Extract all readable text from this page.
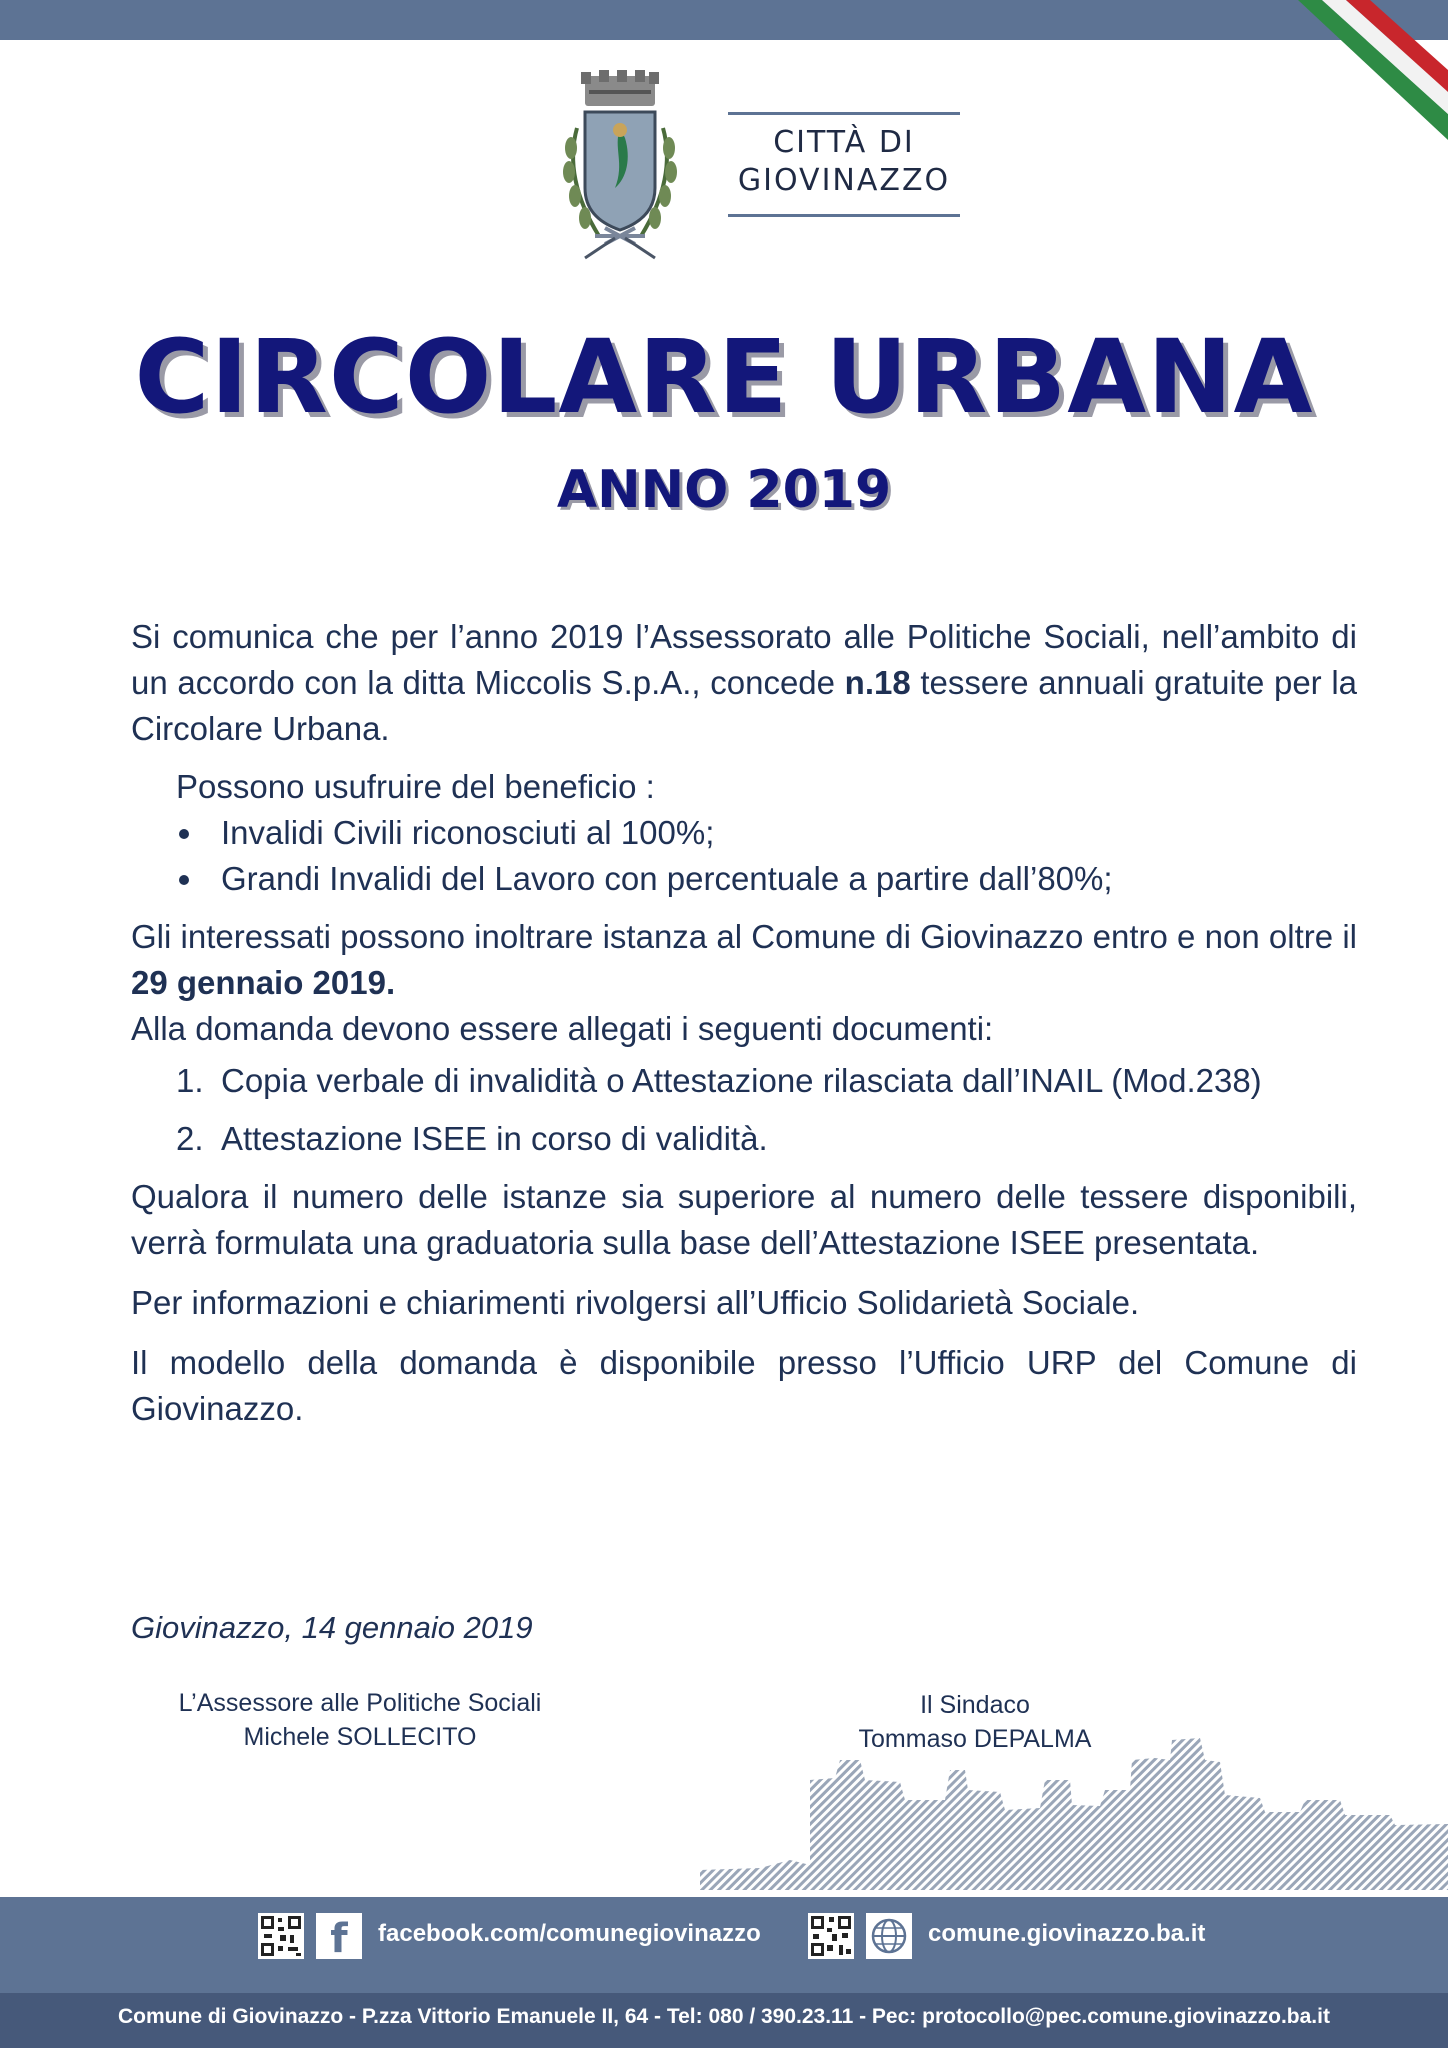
CITTÀ DI
GIOVINAZZO
CIRCOLARE URBANA
ANNO 2019

Si comunica che per l’anno 2019 l’Assessorato alle Politiche Sociali, nell’ambito di un accordo con la ditta Miccolis S.p.A., concede n.18 tessere annuali gratuite per la Circolare Urbana.

Possono usufruire del beneficio :

Invalidi Civili riconosciuti al 100%;
Grandi Invalidi del Lavoro con percentuale a partire dall’80%;

Gli interessati possono inoltrare istanza al Comune di Giovinazzo entro e non oltre il 29 gennaio 2019.

Alla domanda devono essere allegati i seguenti documenti:

1. Copia verbale di invalidità o Attestazione rilasciata dall’INAIL (Mod.238)
2. Attestazione ISEE in corso di validità.

Qualora il numero delle istanze sia superiore al numero delle tessere disponibili, verrà formulata una graduatoria sulla base dell’Attestazione ISEE presentata.

Per informazioni e chiarimenti rivolgersi all’Ufficio Solidarietà Sociale.

Il modello della domanda è disponibile presso l’Ufficio URP del Comune di Giovinazzo.

Giovinazzo, 14 gennaio 2019
L’Assessore alle Politiche Sociali
Michele SOLLECITO
Il Sindaco
Tommaso DEPALMA
f	facebook.com/comunegiovinazzo	comune.giovinazzo.ba.it
Comune di Giovinazzo - P.zza Vittorio Emanuele II, 64 - Tel: 080 / 390.23.11 - Pec: protocollo@pec.comune.giovinazzo.ba.it
